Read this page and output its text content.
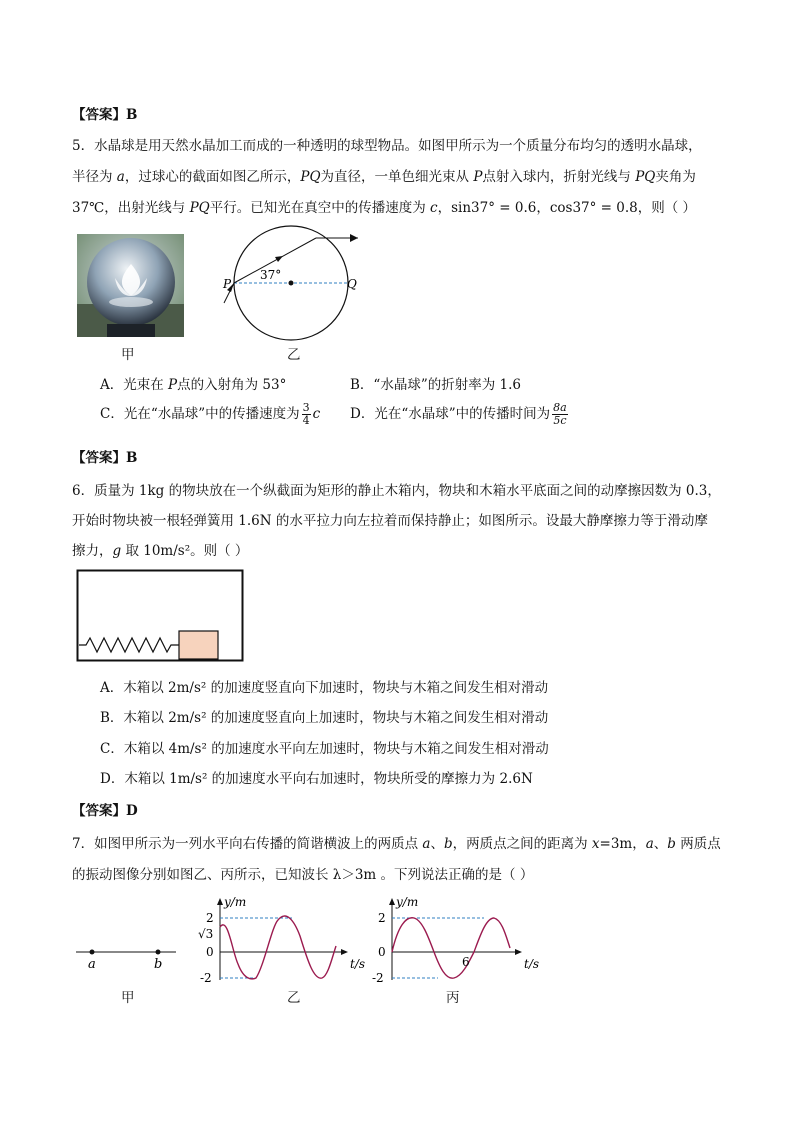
【答案】B
5．水晶球是用天然水晶加工而成的一种透明的球型物品。如图甲所示为一个质量分布均匀的透明水晶球，
半径为 a，过球心的截面如图乙所示，PQ为直径，一单色细光束从 P点射入球内，折射光线与 PQ夹角为
37℃，出射光线与 PQ平行。已知光在真空中的传播速度为 c，sin37° = 0.6，cos37° = 0.8，则（ ）
甲
37°
P	Q
乙
A．光束在 P点的入射角为 53°	B．“水晶球”的折射率为 1.6
C．光在“水晶球”中的传播速度为 $\frac{3}{4}$ c D．光在“水晶球”中的传播时间为 $\frac{8a}{5c}$
【答案】B
6．质量为 1kg 的物块放在一个纵截面为矩形的静止木箱内，物块和木箱水平底面之间的动摩擦因数为 0.3，
开始时物块被一根轻弹簧用 1.6N 的水平拉力向左拉着而保持静止；如图所示。设最大静摩擦力等于滑动摩
擦力，g 取 10m/s²。则（ ）
A．木箱以 2m/s² 的加速度竖直向下加速时，物块与木箱之间发生相对滑动
B．木箱以 2m/s² 的加速度竖直向上加速时，物块与木箱之间发生相对滑动
C．木箱以 4m/s² 的加速度水平向左加速时，物块与木箱之间发生相对滑动
D．木箱以 1m/s² 的加速度水平向右加速时，物块所受的摩擦力为 2.6N
【答案】D
7．如图甲所示为一列水平向右传播的简谐横波上的两质点 a、b，两质点之间的距离为 x=3m，a、b 两质点
的振动图像分别如图乙、丙所示，已知波长 λ＞3m 。下列说法正确的是（ ）
a	b
甲
y/m
2
√3
0
-2
t/s
乙
y/m
2
0
-2
6	t/s
丙
